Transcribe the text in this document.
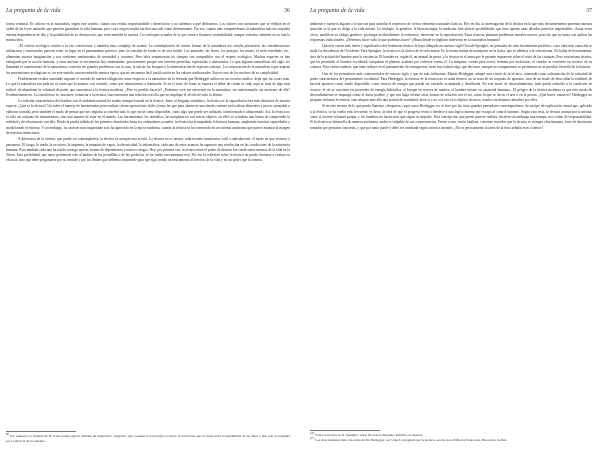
La pregunta de la vida	36

forma criminal. Es valioso en la naturaleza, según este criterio, cuanto nos resulta imprescindible o beneficioso y no sabemos a qué dedicarnos. Los valores son cuestiones que se reflejan en el orden de las leyes naturales que parecen garantizar la vida humana, pero cuyo origen resulta tan desconocido como determinante. Por eso, cuanto más comprendemos la naturaleza más nos inquieta nuestra dependencia de ella y la posibilidad de su destrucción, que sería también la nuestra. Los enfoques actuales de lo que viene a llamarse sostenibilidad, aunque variados, admiten en su raíz la misma idea.

–El criterio ecológico resulta a la vez convincente y también muy complejo de asumir. La contemplación de ciertas formas de la naturaleza nos resulta placentera; las consideraciones utilitaristas y funcionales parecen tener su lugar en el pensamiento práctico, pero la cuestión de fondo es de otra índole. Los animales, las flores, los paisajes, los mares, el cielo estrellado, etc., alimentan nuestra imaginación y nos sostienen sentimientos de serenidad y contento. Pero tales sentimientos no siempre son compatibles con el respeto ecológico. Muchas especies se han extinguido por la acción humana, y otras muchas se encuentran hoy amenazadas, precisamente porque nos interesa poseerlas, explotarlas o disfrutarlas. Lo que algunos naturalistas del siglo xix llamaban el «sentimiento de la naturaleza» convivía sin grandes problemas con la caza, la tala de los bosques o la domesticación de especies salvajes. La conservación de la naturaleza a que aspiran los movimientos ecologistas es, en este sentido, una novedad de nuestra época, que no encuentra fácil justificación en los valores tradicionales. Este es uno de los motivos de su complejidad.

Posiblemente resulta razonable suponer el sentido de nuestra obligación como respecto a la naturaleza en la fórmula que Heidegger utiliza en sus escritos tardíos: dejar que las cosas sean. Lo que la naturaleza nos pide no es tanto que la usemos con cuidado, como que renunciemos a dominarla. Si en el texto de Jonas se expresa el deber de cuidar la vida, aquí se trata de algo más radical: de abandonar la voluntad de poder que caracteriza a la técnica moderna. ¿Pero es posible hacerlo? ¿Podemos vivir sin intervenir en la naturaleza, sin transformarla, sin servirnos de ella? Evidentemente no. La cuestión no es, entonces, renunciar a la técnica, sino encontrar una relación con ella que no implique el olvido de todo lo demás.

La relación característica del hombre con el ambiente natural ha estado siempre basada en la técnica. Junto al lenguaje simbólico, la técnica es la capacidad activa más distintiva de nuestra especie. ¿Qué es la técnica? Un saber el manejo de herramientas para realizar ciertas operaciones útiles (como las que para abastecer una tienda consiste en localizar alimentos a precio razonable o elaborar comida), pero también el modo de pensar que nos impulsa a concebir todo lo que existe como disponible, como algo que puede ser utilizado, transformado o almacenado. Así, la técnica no es sólo un conjunto de instrumentos, sino una manera de estar en el mundo. Las herramientas, los utensilios, las máquinas no son meros objetos: en ellos se cristaliza una forma de comprender la realidad y de relacionarse con ella. Desde la piedra tallada de los primeros homínidos hasta los ordenadores actuales, la técnica ha acompañado la historia humana, ampliando nuestras capacidades y modificando el entorno. Y sin embargo, su carácter más inquietante solo ha aparecido en la época moderna, cuando la técnica se ha convertido en un sistema autónomo que parece avanzar al margen de nuestras intenciones.

A diferencia de la ciencia, que puede ser contemplativa, la técnica es siempre una acción. La técnica no es neutra: cada invento transforma, sutil o radicalmente, el modo en que vivimos y pensamos. El fuego, la rueda, la escritura, la imprenta, la máquina de vapor, la electricidad, la informática: cada uno de estos avances ha supuesto una revolución en las condiciones de la existencia humana. Pero también cada uno ha traído consigo nuevas formas de dependencia y nuevos riesgos. Hoy, por primera vez, la técnica tiene el poder de destruir las condiciones mismas de la vida en la Tierra. Esta posibilidad, que antes pertenecía solo al ámbito de las pesadillas o de las profecías, se ha vuelto una amenaza real. Por eso la reflexión sobre la técnica no puede limitarse a evaluar su eficacia, sino que debe preguntarse por su sentido y por los límites que debemos imponerle para que siga siendo un instrumento al servicio de la vida y no un poder que la someta.

$^{(8)}$ Por supuesto, la fórmula de H. Jonas puede sugerir también un imperativo categórico que condena la tecnología; es decir, el tecnócrata que no duda sobre la legitimidad de sus fines y que solo se pregunta por la eficacia de los medios.

La pregunta de la vida	37

ambiente y nuestros alguien a lo que sea para asimilar el repertorio de ciertos elementos naturales básicos. Hoy en día, la investigación de la técnica en la que más frecuentemente ponemos nuestra atención es la que se dirige a la vida misma. La biología, la genética, la biotecnología, la medicina, han abierto posibilidades que hace apenas unas décadas parecían impensables: clonar seres vivos, modificar su código genético, prolongar artificialmente la existencia, intervenir en la reproducción. Estas técnicas plantean problemas morales nuevos, para los que no basta con aplicar las respuestas tradicionales. ¿Debemos hacer todo lo que podemos hacer? ¿Hasta dónde es legítimo intervenir en la naturaleza humana?

Quizá la visión más fuerte y significativa del fenómeno técnico la haya dibujado en nuestro siglo Oswald Spengler, un pensador de tono fuertemente profético, cuya obra más conocida se titula La decadencia de Occidente. Para Spengler, la técnica es la táctica de la vida entera. Es la forma íntima de manejarse en la lucha, que es idéntica a la vida misma. No habla de herramientas, sino de la actitud del hombre ante la existencia. El hombre es, según él, un animal de presa, y la técnica es el arma que le permite imponerse sobre el resto de las criaturas. Pero esta misma técnica, que ha permitido al hombre occidental conquistar el planeta, acabará por volverse contra él. La máquina, creada para servir, termina por esclavizar; el creador se convierte en esclavo de su criatura. Esta visión sombría, que tanto influyó en el pensamiento de entreguerras, tiene hoy todavía algo que decirnos, aunque no compartamos su pesimismo ni su peculiar filosofía de la historia.

Uno de los pensadores más controvertidos de nuestro siglo y que da más influyente, Martin Heidegger, adoptó otra visión de la técnica, orientada como culminación de la voluntad de poder característica del pensamiento occidental. Para Heidegger, la esencia de la técnica no es nada técnico: no se trata de un conjunto de aparatos, sino de un modo de desocultar la realidad, de hacerla aparecer como fondo disponible, como reserva de energía que puede ser extraída, acumulada y distribuida. En este modo de desocultamiento, todo queda reducido a la condición de recurso: el río se convierte en proveedor de energía hidráulica, el bosque en reserva de madera, el hombre mismo en «material humano». El peligro de la técnica moderna es que este modo de desocultamiento se imponga como el único posible, y que nos haga olvidar otras formas de relación con el ser, como la que se da en el arte o en la poesía. ¿Qué hacer, entonces? Heidegger no propone rechazar la técnica, sino adoptar ante ella una actitud de serenidad: decir sí y no a la vez a los objetos técnicos, usarlos sin dejarnos absorber por ellos.

Si en este terreno de lo que pueda llamarse «despertar», aquí como Heidegger, no es sino por los otros grandes pensadores contemporáneos, de un tipo de explicación causal que, aplicado a la técnica, se ha vuelto más frecuente, es decir, la idea de que el progreso técnico obedece a una lógica interna que escapa al control humano. Según esta tesis, la técnica avanza por sí misma, como si tuviera voluntad propia, y los hombres no hacen más que seguir su impulso. Esta concepción, que puede parecer realista, encierra sin embargo una trampa: nos exime de responsabilidad. Si la técnica se desarrolla de manera autónoma, nadie es culpable de sus consecuencias. Frente a esta visión fatalista, conviene recordar que la técnica es siempre obra humana, fruto de decisiones tomadas por personas concretas, y que por tanto puede y debe ser orientada según criterios morales. ¿No es precisamente la tarea de la ética señalar esos criterios?

$^{(16)}$ Sobre la técnica de O. Spengler, véase M. García Morente, Madrid, ed. Austral.

$^{(17)}$ Las citas textuales más conocidas de M. Heidegger, así como La pregunta por la técnica, son las de la Editorial Santa Ana, Barcelona, Serbal.
